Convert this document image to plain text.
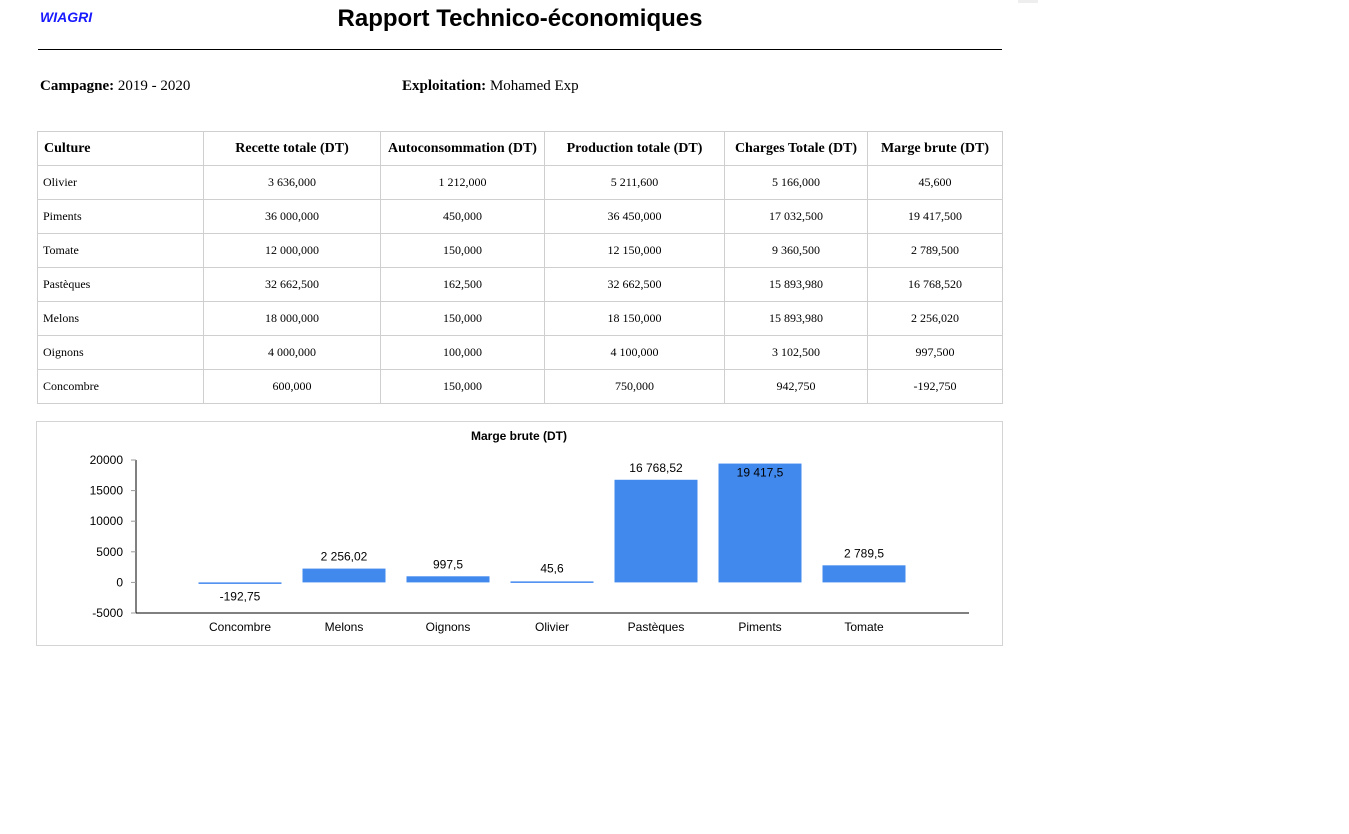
WIAGRI	Rapport Technico-économiques
Campagne: 2019 - 2020	Exploitation: Mohamed Exp
Culture	Recette totale (DT)	Autoconsommation (DT)	Production totale (DT)	Charges Totale (DT)	Marge brute (DT)
Olivier	3 636,000	1 212,000	5 211,600	5 166,000	45,600
Piments	36 000,000	450,000	36 450,000	17 032,500	19 417,500
Tomate	12 000,000	150,000	12 150,000	9 360,500	2 789,500
Pastèques	32 662,500	162,500	32 662,500	15 893,980	16 768,520
Melons	18 000,000	150,000	18 150,000	15 893,980	2 256,020
Oignons	4 000,000	100,000	4 100,000	3 102,500	997,500
Concombre	600,000	150,000	750,000	942,750	-192,750
Marge brute (DT)
20000
15000
10000
5000
0
-5000
Concombre
-192,75
Melons
2 256,02
Oignons
997,5
Olivier
45,6
Pastèques
16 768,52
Piments
19 417,5
Tomate
2 789,5
